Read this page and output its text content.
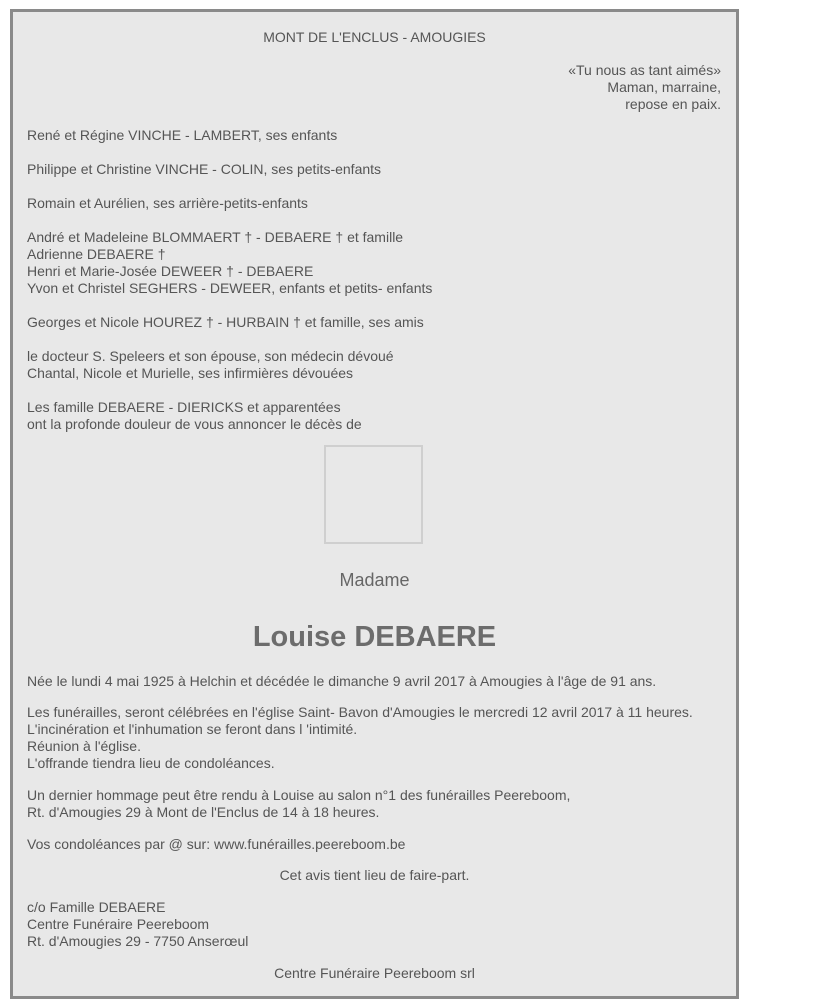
MONT DE L'ENCLUS - AMOUGIES
«Tu nous as tant aimés»
Maman, marraine,
repose en paix.
René et Régine VINCHE - LAMBERT, ses enfants
Philippe et Christine VINCHE - COLIN, ses petits-enfants
Romain et Aurélien, ses arrière-petits-enfants
André et Madeleine BLOMMAERT † - DEBAERE † et famille
Adrienne DEBAERE †
Henri et Marie-Josée DEWEER † - DEBAERE
Yvon et Christel SEGHERS - DEWEER, enfants et petits- enfants
Georges et Nicole HOUREZ † - HURBAIN † et famille, ses amis
le docteur S. Speleers et son épouse, son médecin dévoué
Chantal, Nicole et Murielle, ses infirmières dévouées
Les famille DEBAERE - DIERICKS et apparentées
ont la profonde douleur de vous annoncer le décès de
Madame
Louise DEBAERE
Née le lundi 4 mai 1925 à Helchin et décédée le dimanche 9 avril 2017 à Amougies à l'âge de 91 ans.
Les funérailles, seront célébrées en l'église Saint- Bavon d'Amougies le mercredi 12 avril 2017 à 11 heures.
L'incinération et l'inhumation se feront dans l 'intimité.
Réunion à l'église.
L'offrande tiendra lieu de condoléances.
Un dernier hommage peut être rendu à Louise au salon n°1 des funérailles Peereboom,
Rt. d'Amougies 29 à Mont de l'Enclus de 14 à 18 heures.
Vos condoléances par @ sur: www.funérailles.peereboom.be
Cet avis tient lieu de faire-part.
c/o Famille DEBAERE
Centre Funéraire Peereboom
Rt. d'Amougies 29 - 7750 Anserœul
Centre Funéraire Peereboom srl
